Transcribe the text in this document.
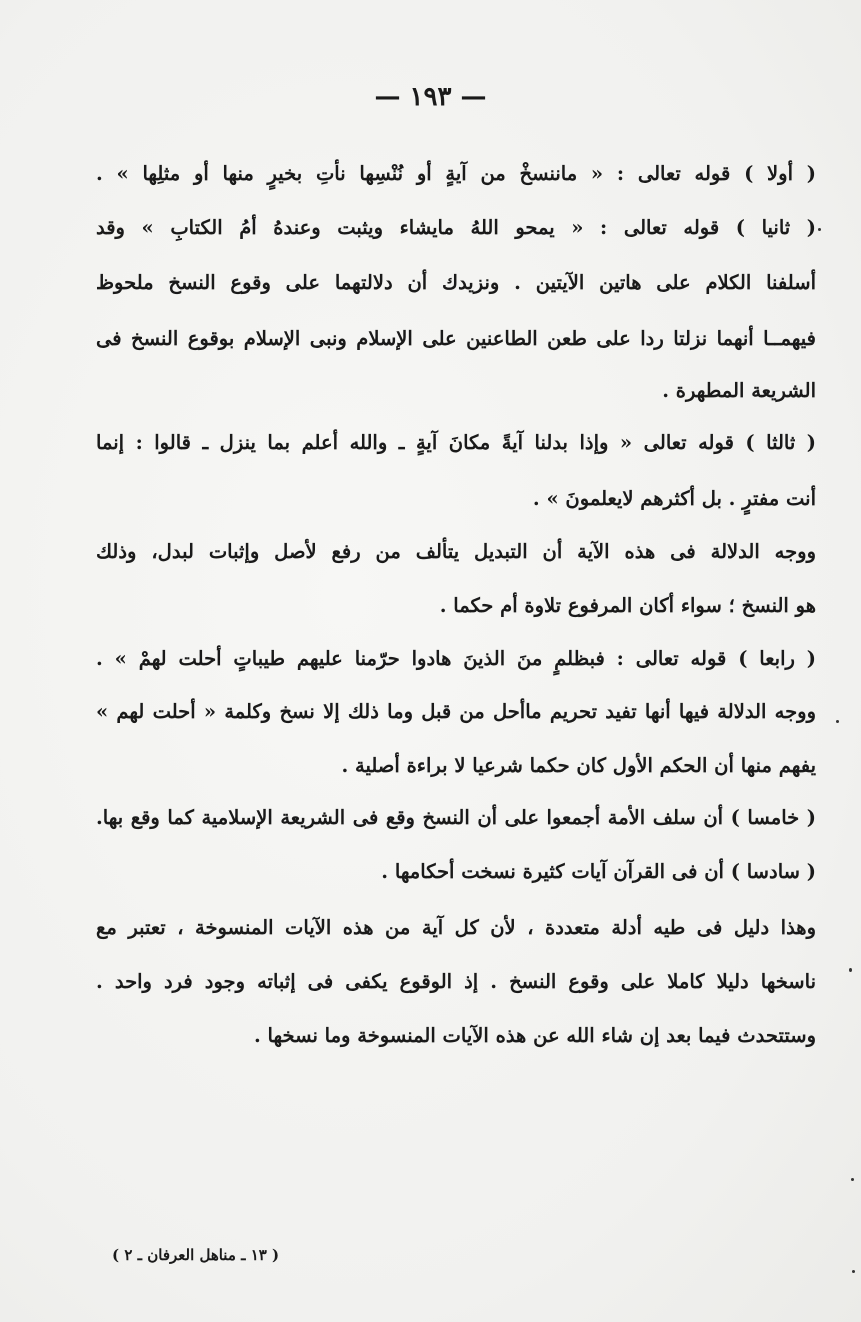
— ١٩٣ —
( أولا ) قوله تعالى : « ماننسخْ من آيةٍ أو نُنْسِها نأتِ بخيرٍ منها أو مثلِها » .
( ثانيا ) قوله تعالى : « يمحو اللهُ مايشاء ويثبت وعندهُ أمُ الكتابِ » وقد
أسلفنا الكلام على هاتين الآيتين . ونزيدك أن دلالتهما على وقوع النسخ ملحوظ
فيهمــا أنهما نزلتا ردا على طعن الطاعنين على الإسلام ونبى الإسلام بوقوع النسخ فى
الشريعة المطهرة .
( ثالثا ) قوله تعالى « وإذا بدلنا آيةً مكانَ آيةٍ ـ والله أعلم بما ينزل ـ قالوا : إنما
أنت مفترٍ . بل أكثرهم لايعلمونَ » .
ووجه الدلالة فى هذه الآية أن التبديل يتألف من رفع لأصل وإثبات لبدل، وذلك
هو النسخ ؛ سواء أكان المرفوع تلاوة أم حكما .
( رابعا ) قوله تعالى : فبظلمٍ منَ الذينَ هادوا حرّمنا عليهم طيباتٍ أحلت لهمْ » .
ووجه الدلالة فيها أنها تفيد تحريم ماأحل من قبل وما ذلك إلا نسخ وكلمة « أحلت لهم »
يفهم منها أن الحكم الأول كان حكما شرعيا لا براءة أصلية .
( خامسا ) أن سلف الأمة أجمعوا على أن النسخ وقع فى الشريعة الإسلامية كما وقع بها.
( سادسا ) أن فى القرآن آيات كثيرة نسخت أحكامها .
وهذا دليل فى طيه أدلة متعددة ، لأن كل آية من هذه الآيات المنسوخة ، تعتبر مع
ناسخها دليلا كاملا على وقوع النسخ . إذ الوقوع يكفى فى إثباته وجود فرد واحد .
وستتحدث فيما بعد إن شاء الله عن هذه الآيات المنسوخة وما نسخها .
( ١٣ ـ مناهل العرفان ـ ٢ )
